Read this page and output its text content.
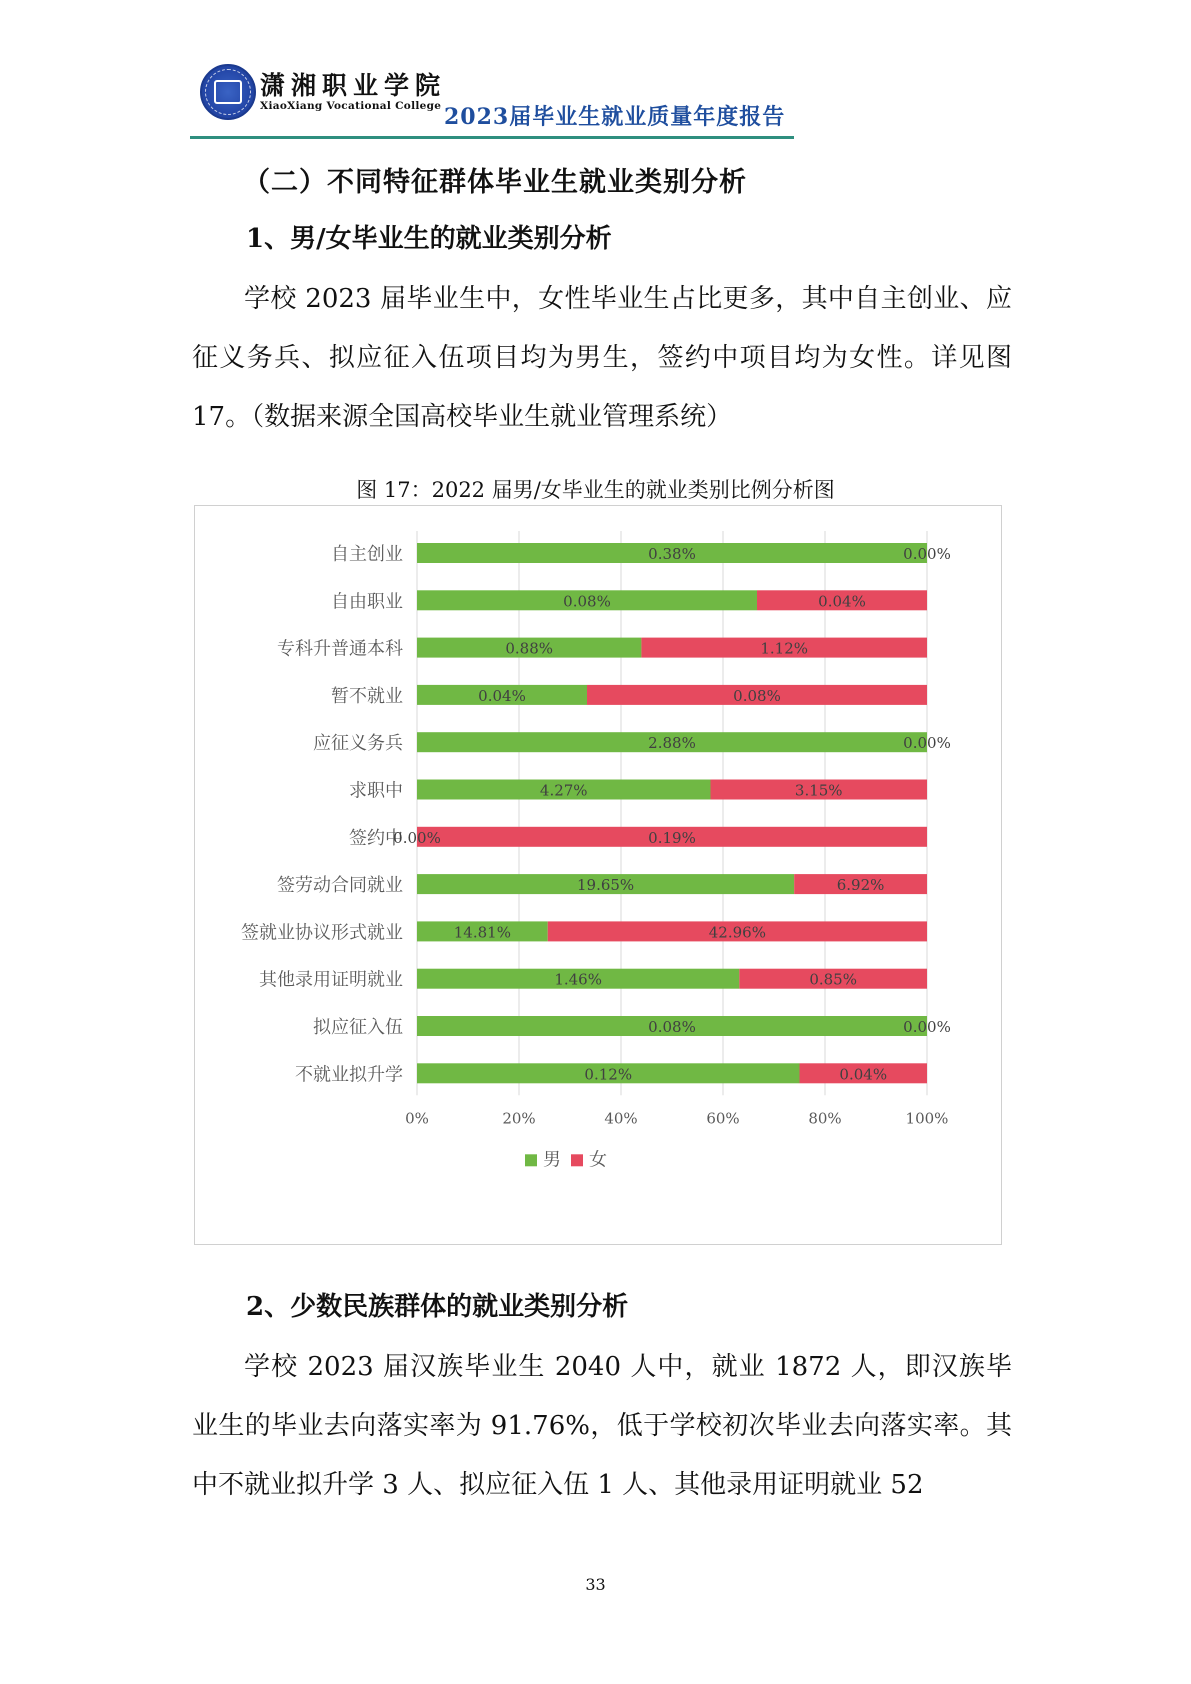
潇湘职业学院
XiaoXiang Vocational College 2023届毕业生就业质量年度报告
（二）不同特征群体毕业生就业类别分析
1、男/女毕业生的就业类别分析

学校 2023 届毕业生中，女性毕业生占比更多，其中自主创业、应征义务兵、拟应征入伍项目均为男生，签约中项目均为女性。详见图 17。（数据来源全国高校毕业生就业管理系统）

图 17：2022 届男/女毕业生的就业类别比例分析图
0%	20%	40%	60%	80%	100%
自主创业	0.38%	0.00%
自由职业	0.08%	0.04%
专科升普通本科	0.88%	1.12%
暂不就业	0.04%	0.08%
应征义务兵	2.88%	0.00%
求职中	4.27%	3.15%
签约中
0.00%	0.19%
签劳动合同就业	19.65%	6.92%
签就业协议形式就业	14.81%	42.96%
其他录用证明就业	1.46%	0.85%
拟应征入伍	0.08%	0.00%
不就业拟升学	0.12%	0.04%
男 女
2、少数民族群体的就业类别分析

学校 2023 届汉族毕业生 2040 人中，就业 1872 人，即汉族毕业生的毕业去向落实率为 91.76%，低于学校初次毕业去向落实率。其中不就业拟升学 3 人、拟应征入伍 1 人、其他录用证明就业 52

33
